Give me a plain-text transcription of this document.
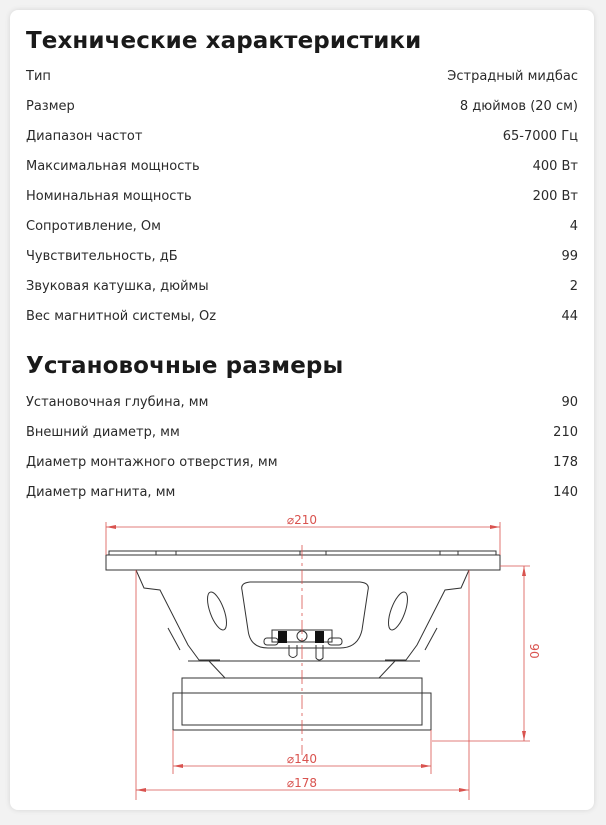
Технические характеристики
Тип	Эстрадный мидбас
Размер	8 дюймов (20 см)
Диапазон частот	65-7000 Гц
Максимальная мощность	400 Вт
Номинальная мощность	200 Вт
Сопротивление, Ом	4
Чувствительность, дБ	99
Звуковая катушка, дюймы	2
Вес магнитной системы, Oz	44
Установочные размеры
Установочная глубина, мм	90
Внешний диаметр, мм	210
Диаметр монтажного отверстия, мм	178
Диаметр магнита, мм	140
⌀210
⌀140
⌀178
90
